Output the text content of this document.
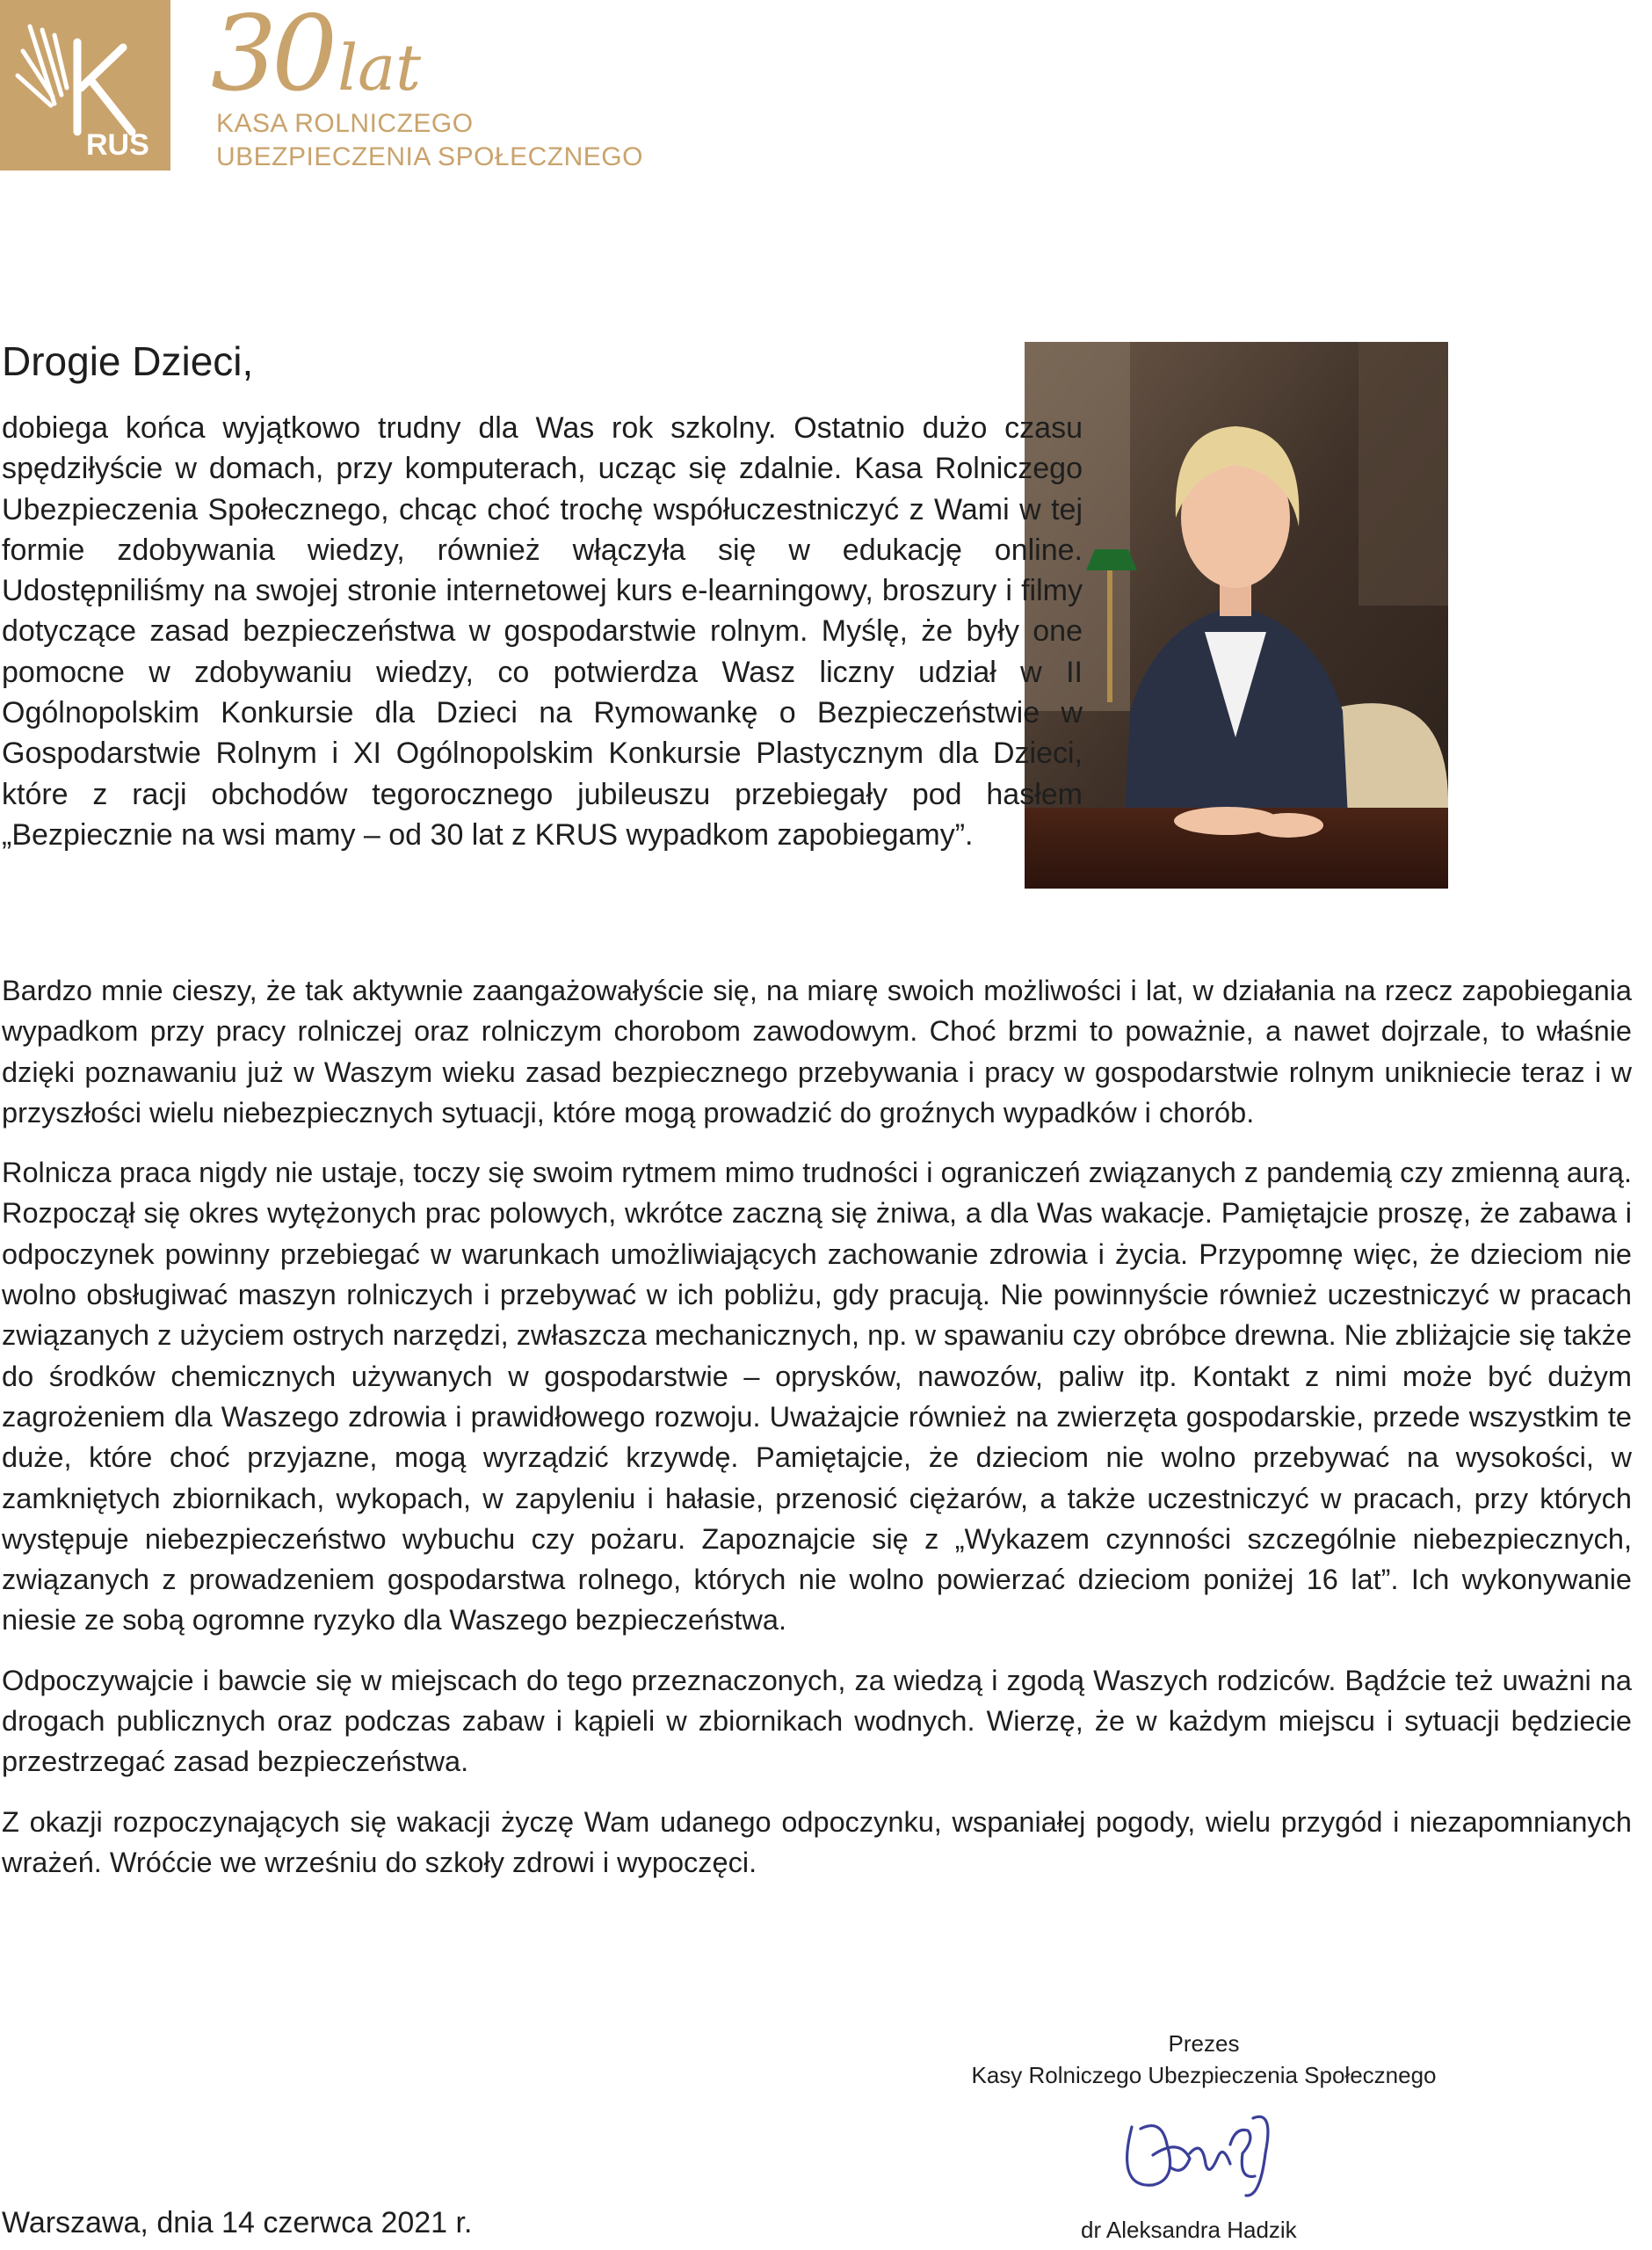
RUS
30lat
KASA ROLNICZEGO
UBEZPIECZENIA SPOŁECZNEGO
Drogie Dzieci,

dobiega końca wyjątkowo trudny dla Was rok szkolny. Ostatnio dużo czasu spędziłyście w domach, przy komputerach, ucząc się zdalnie. Kasa Rolniczego Ubezpieczenia Społecznego, chcąc choć trochę współuczestniczyć z Wami w tej formie zdobywania wiedzy, również włączyła się w edukację online. Udostępniliśmy na swojej stronie internetowej kurs e-learningowy, broszury i filmy dotyczące zasad bezpieczeństwa w gospodarstwie rolnym. Myślę, że były one pomocne w zdobywaniu wiedzy, co potwierdza Wasz liczny udział w II Ogólnopolskim Konkursie dla Dzieci na Rymowankę o Bezpieczeństwie w Gospodarstwie Rolnym i XI Ogólnopolskim Konkursie Plastycznym dla Dzieci, które z racji obchodów tegorocznego jubileuszu przebiegały pod hasłem „Bezpiecznie na wsi mamy – od 30 lat z KRUS wypadkom zapobiegamy”.

Bardzo mnie cieszy, że tak aktywnie zaangażowałyście się, na miarę swoich możliwości i lat, w działania na rzecz zapobiegania wypadkom przy pracy rolniczej oraz rolniczym chorobom zawodowym. Choć brzmi to poważnie, a nawet dojrzale, to właśnie dzięki poznawaniu już w Waszym wieku zasad bezpiecznego przebywania i pracy w gospodarstwie rolnym unikniecie teraz i w przyszłości wielu niebezpiecznych sytuacji, które mogą prowadzić do groźnych wypadków i chorób.

Rolnicza praca nigdy nie ustaje, toczy się swoim rytmem mimo trudności i ograniczeń związanych z pandemią czy zmienną aurą. Rozpoczął się okres wytężonych prac polowych, wkrótce zaczną się żniwa, a dla Was wakacje. Pamiętajcie proszę, że zabawa i odpoczynek powinny przebiegać w warunkach umożliwiających zachowanie zdrowia i życia. Przypomnę więc, że dzieciom nie wolno obsługiwać maszyn rolniczych i przebywać w ich pobliżu, gdy pracują. Nie powinnyście również uczestniczyć w pracach związanych z użyciem ostrych narzędzi, zwłaszcza mechanicznych, np. w spawaniu czy obróbce drewna. Nie zbliżajcie się także do środków chemicznych używanych w gospodarstwie – oprysków, nawozów, paliw itp. Kontakt z nimi może być dużym zagrożeniem dla Waszego zdrowia i prawidłowego rozwoju. Uważajcie również na zwierzęta gospodarskie, przede wszystkim te duże, które choć przyjazne, mogą wyrządzić krzywdę. Pamiętajcie, że dzieciom nie wolno przebywać na wysokości, w zamkniętych zbiornikach, wykopach, w zapyleniu i hałasie, przenosić ciężarów, a także uczestniczyć w pracach, przy których występuje niebezpieczeństwo wybuchu czy pożaru. Zapoznajcie się z „Wykazem czynności szczególnie niebezpiecznych, związanych z prowadzeniem gospodarstwa rolnego, których nie wolno powierzać dzieciom poniżej 16 lat”. Ich wykonywanie niesie ze sobą ogromne ryzyko dla Waszego bezpieczeństwa.

Odpoczywajcie i bawcie się w miejscach do tego przeznaczonych, za wiedzą i zgodą Waszych rodziców. Bądźcie też uważni na drogach publicznych oraz podczas zabaw i kąpieli w zbiornikach wodnych. Wierzę, że w każdym miejscu i sytuacji będziecie przestrzegać zasad bezpieczeństwa.

Z okazji rozpoczynających się wakacji życzę Wam udanego odpoczynku, wspaniałej pogody, wielu przygód i niezapomnianych wrażeń. Wróćcie we wrześniu do szkoły zdrowi i wypoczęci.

Prezes
Kasy Rolniczego Ubezpieczenia Społecznego
dr Aleksandra Hadzik
Warszawa, dnia 14 czerwca 2021 r.
